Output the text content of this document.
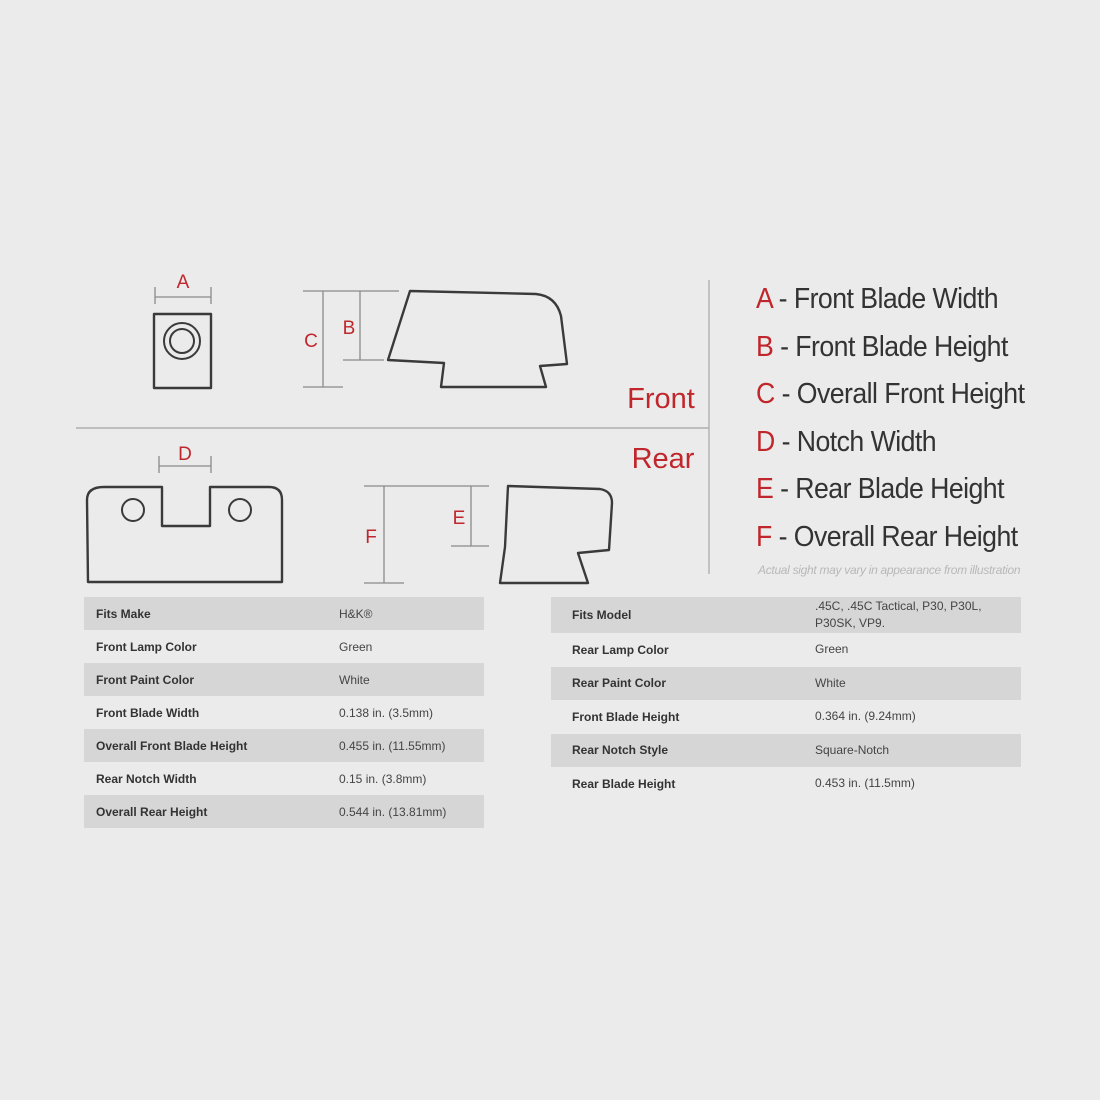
A
C
B
Front
Rear
D
F
E
A - Front Blade Width
B - Front Blade Height
C - Overall Front Height
D - Notch Width
E - Rear Blade Height
F - Overall Rear Height
Actual sight may vary in appearance from illustration
Fits Make	H&K®
Front Lamp Color	Green
Front Paint Color	White
Front Blade Width	0.138 in. (3.5mm)
Overall Front Blade Height	0.455 in. (11.55mm)
Rear Notch Width	0.15 in. (3.8mm)
Overall Rear Height	0.544 in. (13.81mm)
Fits Model	.45C, .45C Tactical, P30, P30L, P30SK, VP9.
Rear Lamp Color	Green
Rear Paint Color	White
Front Blade Height	0.364 in. (9.24mm)
Rear Notch Style	Square-Notch
Rear Blade Height	0.453 in. (11.5mm)
